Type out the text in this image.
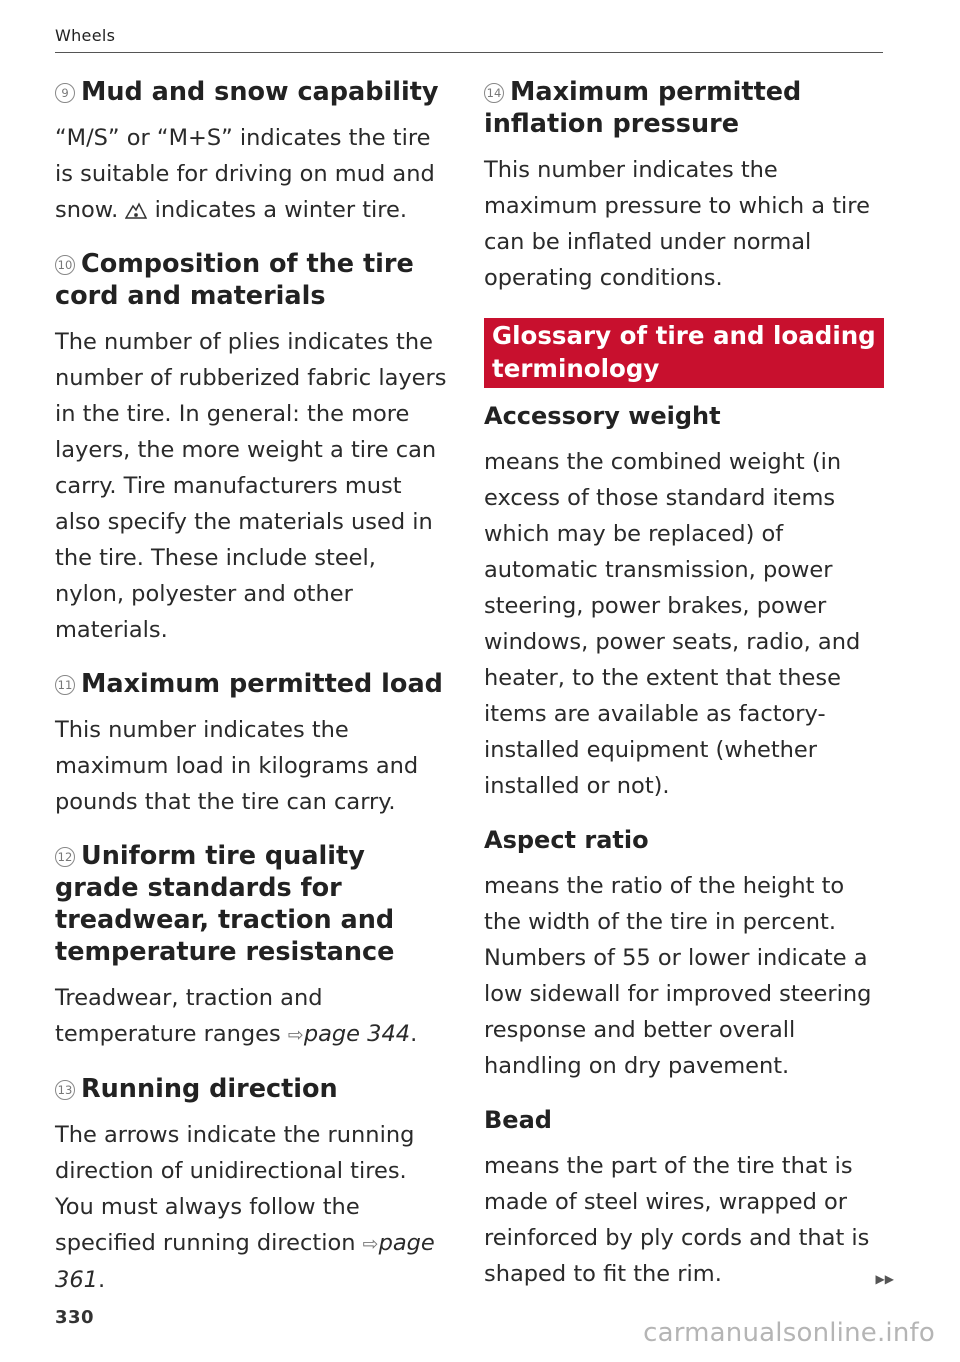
Wheels
9 Mud and snow capability

“M/S” or “M+S” indicates the tire is suitable for driving on mud and snow. indicates a winter tire.

10 Composition of the tire cord and materials

The number of plies indicates the number of rubberized fabric layers in the tire. In general: the more layers, the more weight a tire can carry. Tire manufacturers must also specify the materials used in the tire. These include steel, nylon, polyester and other materials.

11 Maximum permitted load

This number indicates the maximum load in kilograms and pounds that the tire can carry.

12 Uniform tire quality grade standards for treadwear, traction and temperature resistance

Treadwear, traction and temperature ranges ⇨page 344.

13 Running direction

The arrows indicate the running direction of unidirectional tires. You must always follow the specified running direction ⇨page 361.

14 Maximum permitted inflation pressure

This number indicates the maximum pressure to which a tire can be inflated under normal operating conditions.

Glossary of tire and loading terminology
Accessory weight

means the combined weight (in excess of those standard items which may be replaced) of automatic transmission, power steering, power brakes, power windows, power seats, radio, and heater, to the extent that these items are available as factory-installed equipment (whether installed or not).

Aspect ratio

means the ratio of the height to the width of the tire in percent. Numbers of 55 or lower indicate a low sidewall for improved steering response and better overall handling on dry pavement.

Bead

means the part of the tire that is made of steel wires, wrapped or reinforced by ply cords and that is shaped to fit the rim.	▶▶
330
carmanualsonline.info
